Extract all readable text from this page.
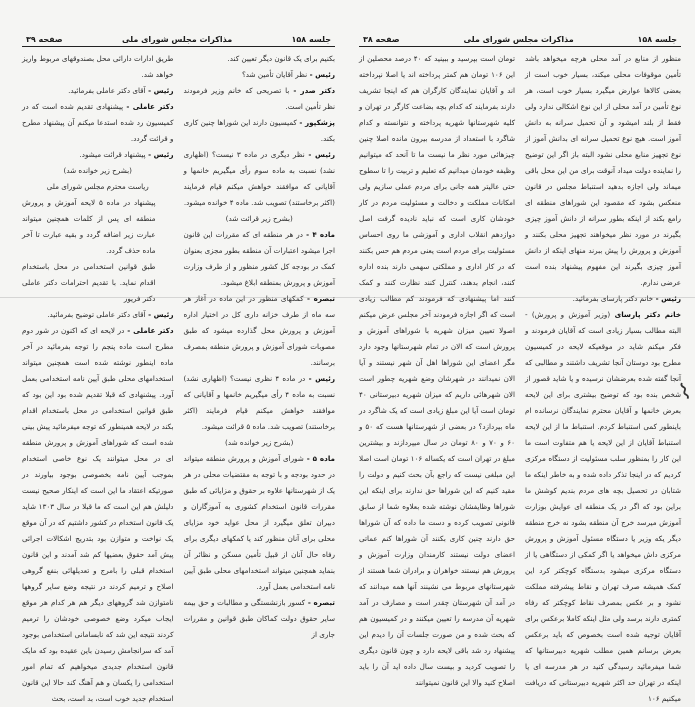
جلسه ۱۵۸
مذاکرات مجلس شورای ملی
صفحه ۳۹

بکنیم برای یک قانون دیگر تعیین کند.

رئیس - نظر آقایان تأمین شد؟

دکتر صدر - با تصریحی که خانم وزیر فرمودند نظر تأمین است.

پزشکپور - کمیسیون دارند این شوراها چنین کاری بکند.

رئیس - نظر دیگری در ماده ۳ نیست؟ (اظهاری نشد) نسبت به ماده سوم رأی میگیریم خانمها و آقایانی که موافقند خواهش میکنم قیام فرمایند (اکثر برخاستند) تصویب شد. ماده ۴ خوانده میشود.

(بشرح زیر قرائت شد)

ماده ۴ - در هر منطقه ای که مقررات این قانون اجرا میشود اعتبارات آن منطقه بطور مجزی بعنوان کمک در بودجه کل کشور منظور و از طرف وزارت آموزش و پرورش بمنطقه ابلاغ میشود.

تبصره - کمکهای منظور در این ماده در آغاز هر سه ماه از طرف خزانه داری کل در اختیار اداره آموزش و پرورش محل گذارده میشود که طبق مصوبات شورای آموزش و پرورش منطقه بمصرف برسانند.

رئیس - در ماده ۴ نظری نیست؟ (اظهاری نشد) نسبت به ماده ۴ رأی میگیریم خانمها و آقایانی که موافقند خواهش میکنم قیام فرمایند (اکثر برخاستند) تصویب شد. ماده ۵ قرائت میشود.

(بشرح زیر خوانده شد)

ماده ۵ - شورای آموزش و پرورش منطقه میتواند در حدود بودجه و با توجه به مقتضیات محلی در هر یک از شهرستانها علاوه بر حقوق و مزایائی که طبق مقررات قانون استخدام کشوری به آموزگاران و دبیران تعلق میگیرد از محل عواید خود مزایای محلی برای آنان منظور کند یا کمکهای دیگری برای رفاه حال آنان از قبیل تأمین مسکن و نظائر آن بنماید همچنین میتواند استخدامهای محلی طبق آیین نامه استخدامی بعمل آورد.

تبصره - کسور بازنشستگی و مطالبات و حق بیمه سایر حقوق دولت کماکان طبق قوانین و مقررات جاری از

طریق ادارات دارائی محل بصندوقهای مربوط واریز خواهد شد.

رئیس - آقای دکتر عاملی بفرمائید.

دکتر عاملی - پیشنهادی تقدیم شده است که در کمیسیون رد شده استدعا میکنم آن پیشنهاد مطرح و قرائت گردد.

رئیس - پیشنهاد قرائت میشود.

(بشرح زیر خوانده شد)

ریاست محترم مجلس شورای ملی

پیشنهاد در ماده ۵ لایحه آموزش و پرورش منطقه ای پس از کلمات همچنین میتواند عبارت زیر اضافه گردد و بقیه عبارت تا آخر ماده حذف گردد.

طبق قوانین استخدامی در محل باستخدام اقدام نماید. با تقدیم احترامات دکتر عاملی دکتر فریور

رئیس - آقای دکتر عاملی توضیح بفرمائید.

دکتر عاملی - در لایحه ای که اکنون در شور دوم مطرح است ماده پنجم را توجه بفرمائید در آخر ماده اینطور نوشته شده است همچنین میتواند استخدامهای محلی طبق آیین نامه استخدامی بعمل آورد. پیشنهادی که قبلا تقدیم شده بود این بود که طبق قوانین استخدامی در محل باستخدام اقدام بکند در لایحه همینطور که توجه میفرمائید پیش بینی شده است که شوراهای آموزش و پرورش منطقه ای در محل میتوانند یک نوع خاصی استخدام بموجب آیین نامه بخصوصی بوجود بیاورند در صورتیکه اعتقاد ما این است که اینکار صحیح نیست دلیلش هم این است که ما قبلا در سال ۱۳۰۳ شاید یک قانون استخدام در کشور داشتیم که در آن موقع یک نواخت و متوازن بود بتدریج اشکالات اجرائی پیش آمد حقوق بعضیها کم شد آمدند و این قانون استخدام قبلی را بامرج و تعدیلهائی بنفع گروهی اصلاح و ترمیم کردند در نتیجه وضع سایر گروهها نامتوازن شد گروههای دیگر هم هر کدام هر موقع ایجاب میکرد وضع خصوصی خودشان را ترمیم کردند نتیجه این شد که نابسامانی استخدامی بوجود آمد که سرانجامش رسیدن باین عقیده بود که مایک قانون استخدام جدیدی میخواهیم که تمام امور استخدامی را یکسان و هم آهنگ کند حالا این قانون استخدام جدید خوب است، بد است، بحث

جلسه ۱۵۸
مذاکرات مجلس شورای ملی
صفحه ۳۸

منظور از منابع در آمد محلی هرچه میخواهد باشد تأمین موقوفات محلی میکند، بسیار خوب است از بعضی کالاها عوارض میگیرد بسیار خوب است، هر نوع تأمین در آمد محلی از این نوع اشکالی ندارد ولی فقط از بلند امیشود و آن تحمیل سرانه به دانش آموز است. هیچ نوع تحمیل سرانه ای بدانش آموز از نوع تجهیز منابع محلی نشود البته باز اگر این توضیح را نماینده دولت میداد آنوقت برای من این محل باقی میماند ولی اجازه بدهید استنباط مجلس در قانون منعکس بشود که مقصود این شوراهای منطقه ای رامع بکند از اینکه بطور سرانه از دانش آموز چیزی بگیرند در مورد نظر میخواهند تجهیز محلی بکنند و آموزش و پرورش را پیش ببرند منهای اینکه از دانش آموز چیزی بگیرند این مفهوم پیشنهاد بنده است عرضی ندارم.

رئیس - خانم دکتر پارسای بفرمائید.

خانم دکتر پارسای (وزیر آموزش و پرورش) - البته مطالب بسیار زیادی است که آقایان فرمودند و فکر میکنم شاید در موقعیکه لایحه در کمیسیون مطرح بود دوستان آنجا تشریف داشتند و مطالبی که آنجا گفته شده بعرضشان نرسیده و یا شاید قصور از شخص بنده بود که توضیح بیشتری برای این لایحه بعرض خانمها و آقایان محترم نمایندگان نرسانده ام باینطور کمی استنباط کردم. استنباط ما از این لایحه استنباط آقایان از این لایحه یا هم متفاوت است ما این کار را بمنظور سلب مسئولیت از دستگاه مرکزی کردیم که در اینجا تذکر داده شده و به خاطر اینکه ما شتابان در تحصیل بچه های مردم بندیم کوشش ما براین بود که اگر در یک منطقه ای عوایش بوزارت آموزش میرسد خرج آن منطقه بشود نه خرج منطقه دیگر یکه وزیر یا دستگاه مسئول آموزش و پرورش مرکزی داش میخواهد یا اگر کمکی از دستگاهی یا از دستگاه مرکزی میشود بدستگاه کوچکتر کرد این کمک همیشه صرف تهران و نقاط پیشرفته مملکت نشود و بر عکس بمصرف نقاط کوچکتر که رفاه کمتری دارند برسد ولی مثل اینکه کاملا برعکس برای آقایان توجیه شده است بخصوص که باید برعکس بعرض برسانم همین مطلب شهریه دبیرستانها که شما میفرمائید رسیدگی کنید در هر مدرسه ای یا اینکه در تهران حد اکثر شهریه دبیرستانی که دریافت میکنیم ۱۰۶

تومان است بپرسید و ببینید که ۴۰ درصد محصلین از این ۱۰۶ تومان هم کمتر پرداخته اند یا اصلا نپرداخته اند و آقایان نمایندگان کارگران هم که اینجا تشریف دارند بفرمایند که کدام بچه بضاعت کارگر در تهران و کلیه شهرستانها شهریه پرداخته و نتوانسته و کدام شاگرد با استعداد از مدرسه بیرون مانده اصلا چنین چیزهائی مورد نظر ما نیست ما تا آنحد که میتوانیم وظیفه خودمان میدانیم که تعلیم و تربیت را تا سطوح حتی عالیتر همه جانی برای مردم عملی سازیم ولی امکانات مملکت و دخالت و مسئولیت مردم در کار خودشان کاری است که نباید نادیده گرفت اصل دوازدهم انقلاب اداری و آموزشی ما روی احساس مسئولیت برای مردم است یعنی مردم هم حس بکنند که در کار اداری و مملکتی سهمی دارند بنده اداره کنند، انجام بدهند، کنترل کنند نظارت کنند و کمک کنند اما پیشنهادی که فرمودند کم مطالب زیادی است که اگر اجازه فرمودند آخر مجلس عرض میکنم اصولا تعیین میزان شهریه با شوراهای آموزش و پرورش است که الان در تمام شهرستانها وجود دارد مگر اعضای این شوراها اهل آن شهر نیستند و آیا الان نمیدانند در شهرشان وضع شهریه چطور است الان شهرهائی داریم که میزان شهریه دبیرستانی ۴۰ تومان است آیا این مبلغ زیادی است که یک شاگرد در ماه بپردازد؟ در بعضی از شهرستانها هست که ۵۰ و ۶۰ و ۷۰ و ۸۰ تومان در سال میپردازند و بیشترین مبلغ در تهران است که یکساله ۱۰۶ تومان است اصلا این مبلغی نیست که راجع بآن بحث کنیم و دولت را مقید کنیم که این شوراها حق ندارند برای اینکه این شوراها وظایفشان نوشته شده بعلاوه شما از سابق قانونی تصویب کرده و دست ما داده که آن شوراها حق دارند چنین کاری بکنند آن شوراها کنم عماتی اعضای دولت نیستند کارمندان وزارت آموزش و پرورش هم نیستند خواهران و برادران شما هستند از شهرستانهای مربوط می نشینند آنها همه میدانند که در آمد آن شهرستان چقدر است و مصارف در آمد شهریه آن مدرسه را تعیین میکنند و در کمیسیون هم که بحث شده و من صورت جلسات آن را دیدم این پیشنهاد رد شد باقی لایحه دارد و چون قانون دیگری را تصویب کردید و بیست سال داده اید آن را باید اصلاح کنید والا این قانون نمیتوانند

⌇
